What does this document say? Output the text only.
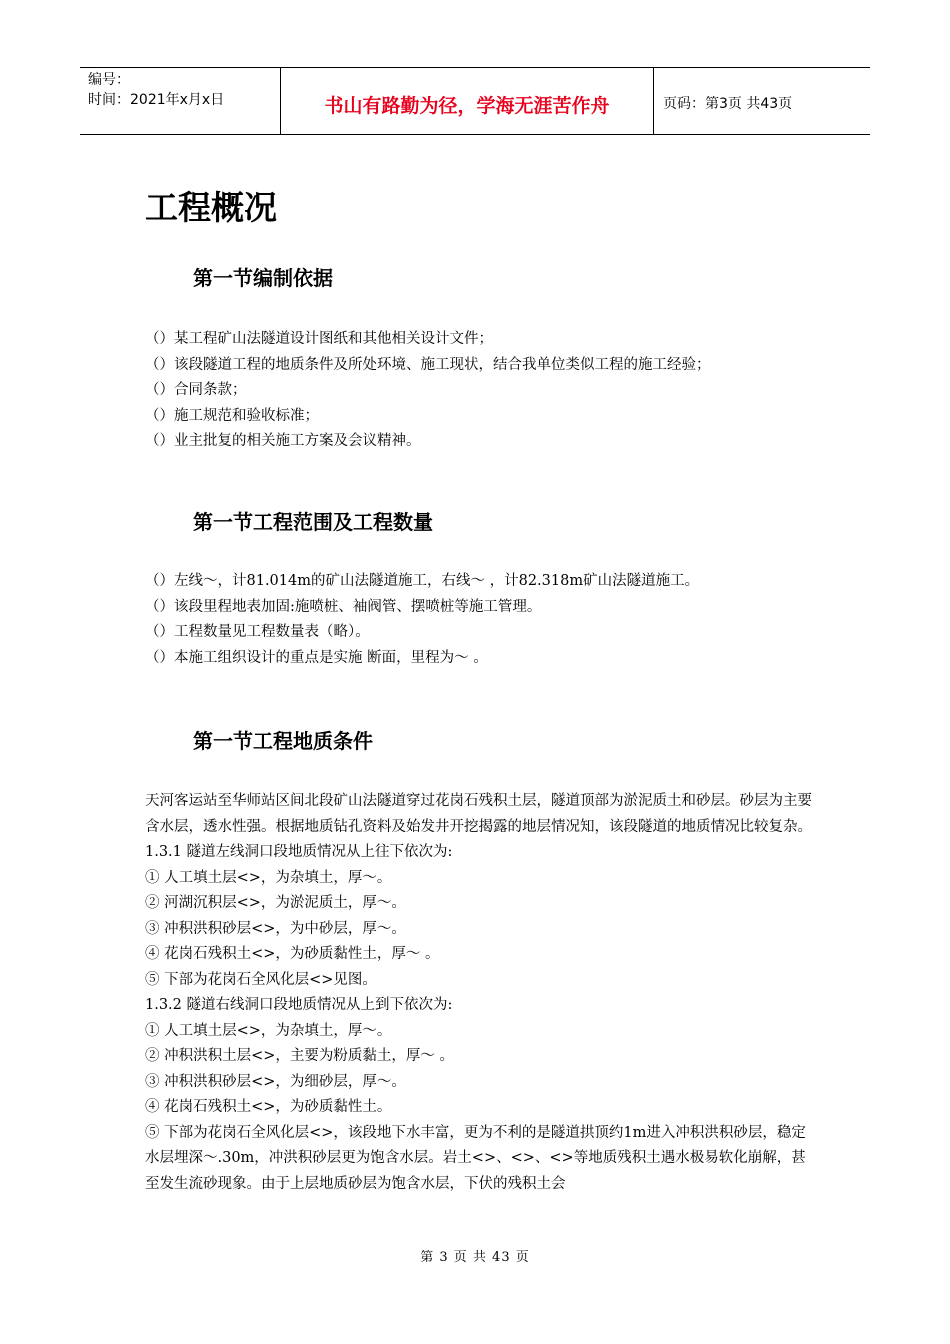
编号：
时间：2021年x月x日	书山有路勤为径，学海无涯苦作舟	页码：第3页 共43页
工程概况
第一节编制依据
（）某工程矿山法隧道设计图纸和其他相关设计文件；
（）该段隧道工程的地质条件及所处环境、施工现状，结合我单位类似工程的施工经验；
（）合同条款；
（）施工规范和验收标准；
（）业主批复的相关施工方案及会议精神。
第一节工程范围及工程数量
（）左线～，计81.014m的矿山法隧道施工，右线～ ，计82.318m矿山法隧道施工。
（）该段里程地表加固:施喷桩、袖阀管、摆喷桩等施工管理。
（）工程数量见工程数量表（略）。
（）本施工组织设计的重点是实施 断面，里程为～ 。
第一节工程地质条件

天河客运站至华师站区间北段矿山法隧道穿过花岗石残积土层，隧道顶部为淤泥质土和砂层。砂层为主要含水层，透水性强。根据地质钻孔资料及始发井开挖揭露的地层情况知，该段隧道的地质情况比较复杂。

1.3.1 隧道左线洞口段地质情况从上往下依次为:

① 人工填土层<>，为杂填土，厚～。

② 河湖沉积层<>，为淤泥质土，厚～。

③ 冲积洪积砂层<>，为中砂层，厚～。

④ 花岗石残积土<>，为砂质黏性土，厚～ 。

⑤ 下部为花岗石全风化层<>见图。

1.3.2 隧道右线洞口段地质情况从上到下依次为:

① 人工填土层<>，为杂填土，厚～。

② 冲积洪积土层<>，主要为粉质黏土，厚～ 。

③ 冲积洪积砂层<>，为细砂层，厚～。

④ 花岗石残积土<>，为砂质黏性土。

⑤ 下部为花岗石全风化层<>，该段地下水丰富，更为不利的是隧道拱顶约1m进入冲积洪积砂层，稳定水层埋深～.30m，冲洪积砂层更为饱含水层。岩土<>、<>、<>等地质残积土遇水极易软化崩解，甚至发生流砂现象。由于上层地质砂层为饱含水层，下伏的残积土会

第 3 页 共 43 页
